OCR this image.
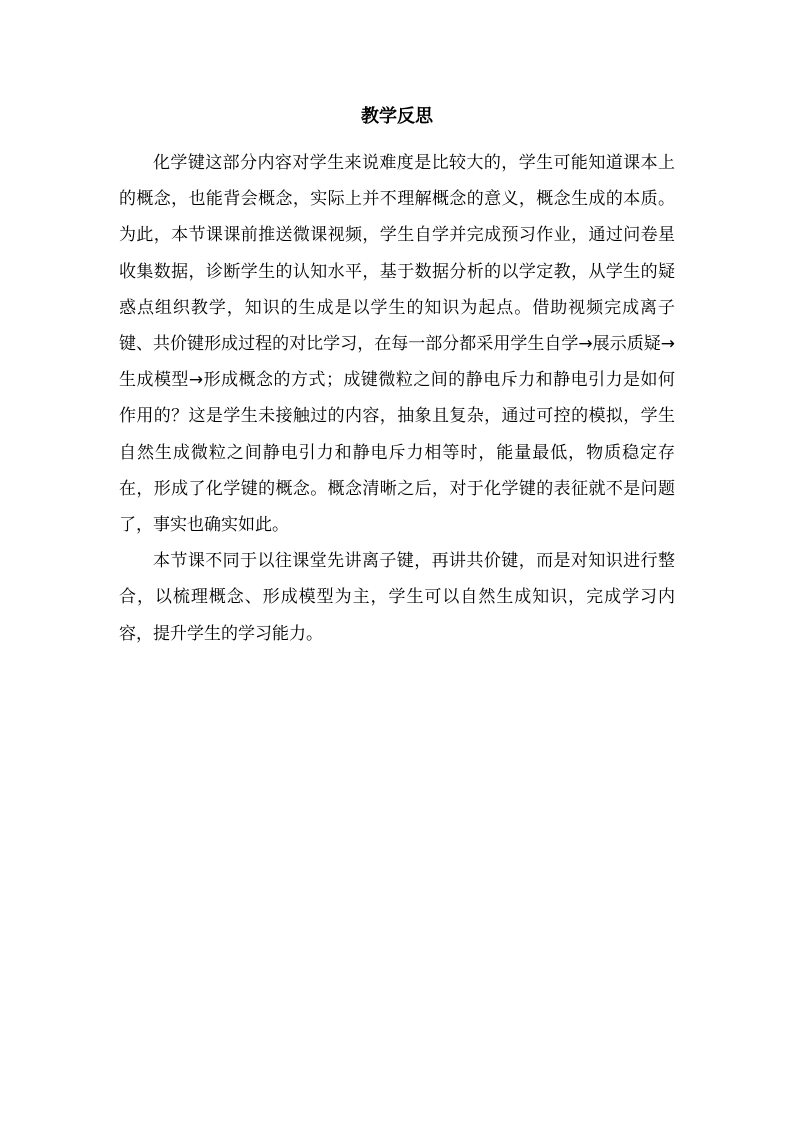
教学反思

化学键这部分内容对学生来说难度是比较大的，学生可能知道课本上的概念，也能背会概念，实际上并不理解概念的意义，概念生成的本质。为此，本节课课前推送微课视频，学生自学并完成预习作业，通过问卷星收集数据，诊断学生的认知水平，基于数据分析的以学定教，从学生的疑惑点组织教学，知识的生成是以学生的知识为起点。借助视频完成离子键、共价键形成过程的对比学习，在每一部分都采用学生自学→展示质疑→生成模型→形成概念的方式；成键微粒之间的静电斥力和静电引力是如何作用的？这是学生未接触过的内容，抽象且复杂，通过可控的模拟，学生自然生成微粒之间静电引力和静电斥力相等时，能量最低，物质稳定存在，形成了化学键的概念。概念清晰之后，对于化学键的表征就不是问题了，事实也确实如此。

本节课不同于以往课堂先讲离子键，再讲共价键，而是对知识进行整合，以梳理概念、形成模型为主，学生可以自然生成知识，完成学习内容，提升学生的学习能力。
